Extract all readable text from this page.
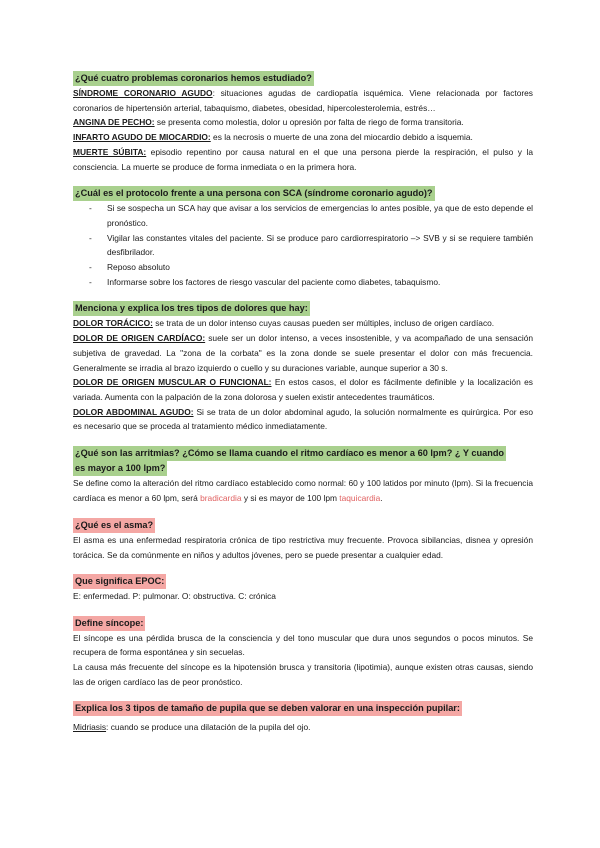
¿Qué cuatro problemas coronarios hemos estudiado?

SÍNDROME CORONARIO AGUDO: situaciones agudas de cardiopatía isquémica. Viene relacionada por factores coronarios de hipertensión arterial, tabaquismo, diabetes, obesidad, hipercolesterolemia, estrés…

ANGINA DE PECHO: se presenta como molestia, dolor u opresión por falta de riego de forma transitoria.

INFARTO AGUDO DE MIOCARDIO: es la necrosis o muerte de una zona del miocardio debido a isquemia.

MUERTE SÚBITA: episodio repentino por causa natural en el que una persona pierde la respiración, el pulso y la consciencia. La muerte se produce de forma inmediata o en la primera hora.

¿Cuál es el protocolo frente a una persona con SCA (síndrome coronario agudo)?
- Si se sospecha un SCA hay que avisar a los servicios de emergencias lo antes posible, ya que de esto depende el pronóstico.
- Vigilar las constantes vitales del paciente. Si se produce paro cardiorrespiratorio –> SVB y si se requiere también desfibrilador.
- Reposo absoluto
- Informarse sobre los factores de riesgo vascular del paciente como diabetes, tabaquismo.
Menciona y explica los tres tipos de dolores que hay:

DOLOR TORÁCICO: se trata de un dolor intenso cuyas causas pueden ser múltiples, incluso de origen cardíaco.

DOLOR DE ORIGEN CARDÍACO: suele ser un dolor intenso, a veces insostenible, y va acompañado de una sensación subjetiva de gravedad. La "zona de la corbata" es la zona donde se suele presentar el dolor con más frecuencia. Generalmente se irradia al brazo izquierdo o cuello y su duraciones variable, aunque superior a 30 s.

DOLOR DE ORIGEN MUSCULAR O FUNCIONAL: En estos casos, el dolor es fácilmente definible y la localización es variada. Aumenta con la palpación de la zona dolorosa y suelen existir antecedentes traumáticos.

DOLOR ABDOMINAL AGUDO: Si se trata de un dolor abdominal agudo, la solución normalmente es quirúrgica. Por eso es necesario que se proceda al tratamiento médico inmediatamente.

¿Qué son las arritmias? ¿Cómo se llama cuando el ritmo cardíaco es menor a 60 lpm? ¿ Y cuando
es mayor a 100 lpm?

Se define como la alteración del ritmo cardíaco establecido como normal: 60 y 100 latidos por minuto (lpm). Si la frecuencia cardíaca es menor a 60 lpm, será bradicardia y si es mayor de 100 lpm taquicardia.

¿Qué es el asma?

El asma es una enfermedad respiratoria crónica de tipo restrictiva muy frecuente. Provoca sibilancias, disnea y opresión torácica. Se da comúnmente en niños y adultos jóvenes, pero se puede presentar a cualquier edad.

Que significa EPOC:

E: enfermedad. P: pulmonar. O: obstructiva. C: crónica

Define síncope:

El síncope es una pérdida brusca de la consciencia y del tono muscular que dura unos segundos o pocos minutos. Se recupera de forma espontánea y sin secuelas.

La causa más frecuente del síncope es la hipotensión brusca y transitoria (lipotimia), aunque existen otras causas, siendo las de origen cardíaco las de peor pronóstico.

Explica los 3 tipos de tamaño de pupila que se deben valorar en una inspección pupilar:

Midriasis: cuando se produce una dilatación de la pupila del ojo.
